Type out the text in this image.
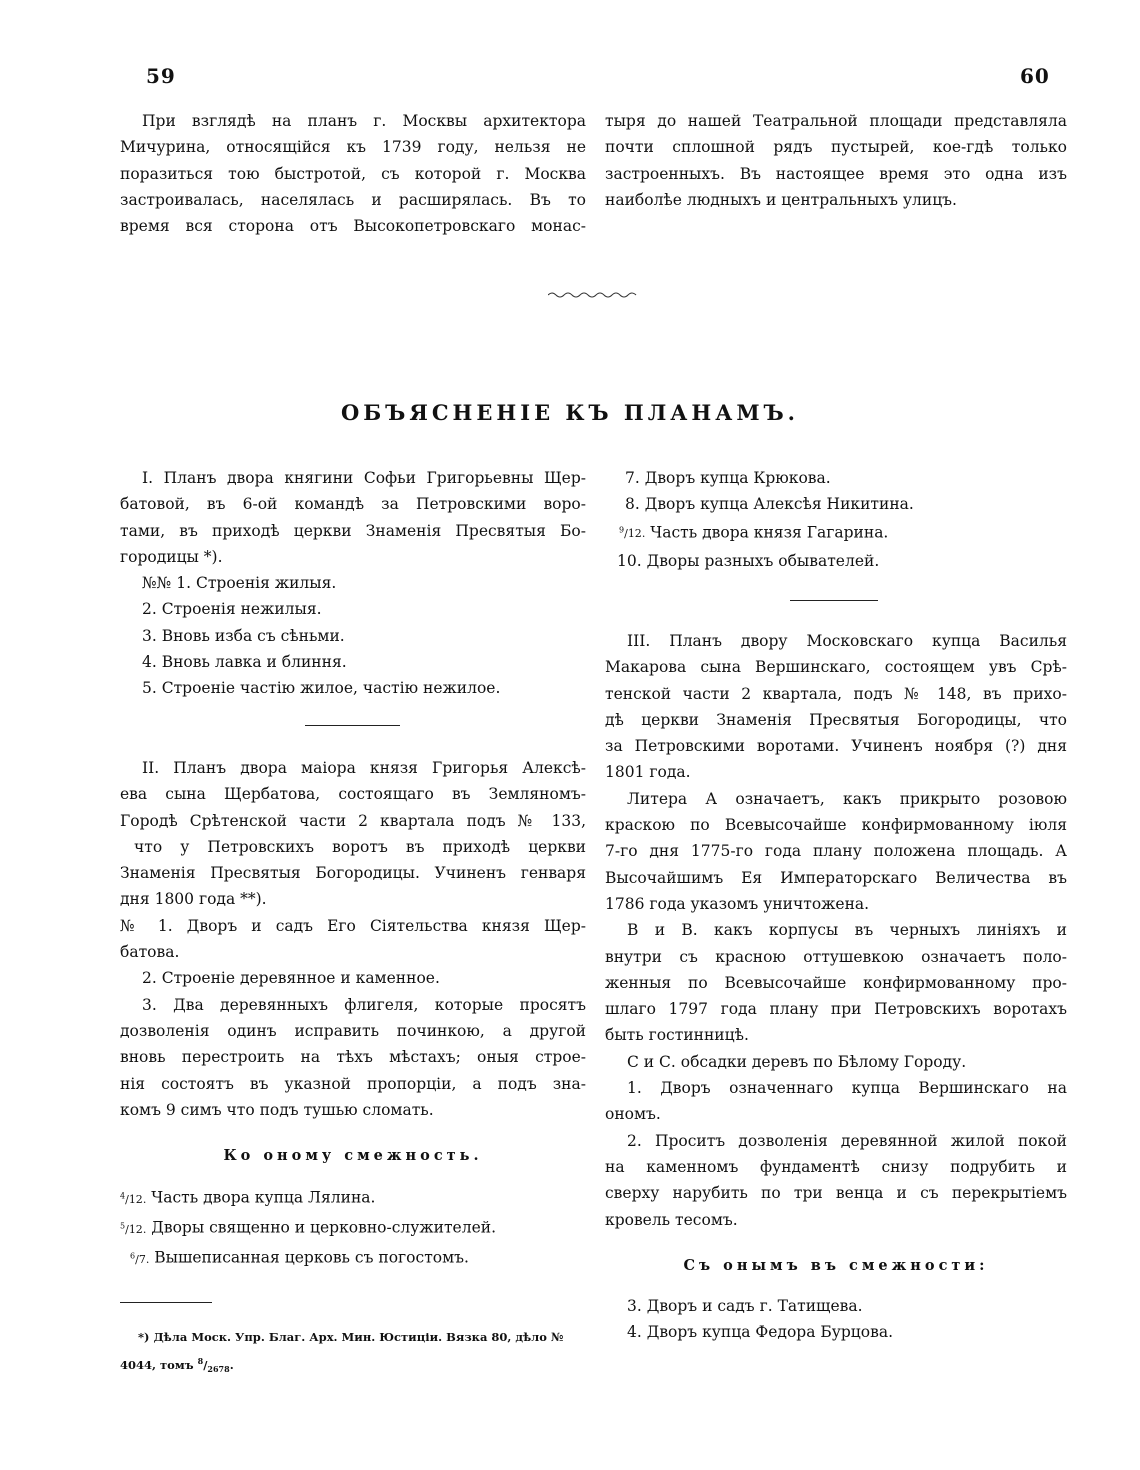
59	60
При взглядѣ на планъ г. Москвы архитектора
Мичурина, относящійся къ 1739 году, нельзя не
поразиться тою быстротой, съ которой г. Москва
застроивалась, населялась и расширялась. Въ то
время вся сторона отъ Высокопетровскаго монас-
тыря до нашей Театральной площади представляла
почти сплошной рядъ пустырей, кое-гдѣ только
застроенныхъ. Въ настоящее время это одна изъ
наиболѣе людныхъ и центральныхъ улицъ.
ОБЪЯСНЕНІЕ КЪ ПЛАНАМЪ.
I. Планъ двора княгини Софьи Григорьевны Щер-
батовой, въ 6-ой командѣ за Петровскими воро-
тами, въ приходѣ церкви Знаменія Пресвятыя Бо-
городицы *).
№№ 1. Строенія жилыя.
2. Строенія нежилыя.
3. Вновь изба съ сѣньми.
4. Вновь лавка и блиння.
5. Строеніе частію жилое, частію нежилое.
II. Планъ двора маіора князя Григорья Алексѣ-
ева сына Щербатова, состоящаго въ Земляномъ-
Городѣ Срѣтенской части 2 квартала подъ № 133,
что у Петровскихъ воротъ въ приходѣ церкви
Знаменія Пресвятыя Богородицы. Учиненъ генваря
дня 1800 года **).
№ 1. Дворъ и садъ Его Сіятельства князя Щер-
батова.
2. Строеніе деревянное и каменное.
3. Два деревянныхъ флигеля, которые просятъ
дозволенія одинъ исправить починкою, а другой
вновь перестроить на тѣхъ мѣстахъ; оныя строе-
нія состоятъ въ указной пропорціи, а подъ зна-
комъ 9 симъ что подъ тушью сломать.
Ко оному смежность.
$^4$/12. Часть двора купца Лялина.
$^5$/12. Дворы священно и церковно-служителей.
$^6$/7. Вышеписанная церковь съ погостомъ.
*) Дѣла Моск. Упр. Благ. Арх. Мин. Юстиціи. Вязка 80, дѣло №
4044, томъ $^8/_{2678}$.
7. Дворъ купца Крюкова.
8. Дворъ купца Алексѣя Никитина.
$^9$/12. Часть двора князя Гагарина.
10. Дворы разныхъ обывателей.
III. Планъ двору Московскаго купца Василья
Макарова сына Вершинскаго, состоящем увъ Срѣ-
тенской части 2 квартала, подъ № 148, въ прихо-
дѣ церкви Знаменія Пресвятыя Богородицы, что
за Петровскими воротами. Учиненъ ноября (?) дня
1801 года.
Литера А означаетъ, какъ прикрыто розовою
краскою по Всевысочайше конфирмованному іюля
7-го дня 1775-го года плану положена площадь. А
Высочайшимъ Ея Императорскаго Величества въ
1786 года указомъ уничтожена.
В и В. какъ корпусы въ черныхъ линіяхъ и
внутри съ красною оттушевкою означаетъ поло-
женныя по Всевысочайше конфирмованному про-
шлаго 1797 года плану при Петровскихъ воротахъ
быть гостинницѣ.
С и С. обсадки деревъ по Бѣлому Городу.
1. Дворъ означеннаго купца Вершинскаго на
ономъ.
2. Проситъ дозволенія деревянной жилой покой
на каменномъ фундаментѣ снизу подрубить и
сверху нарубить по три венца и съ перекрытіемъ
кровель тесомъ.
Съ онымъ въ смежности:
3. Дворъ и садъ г. Татищева.
4. Дворъ купца Федора Бурцова.
